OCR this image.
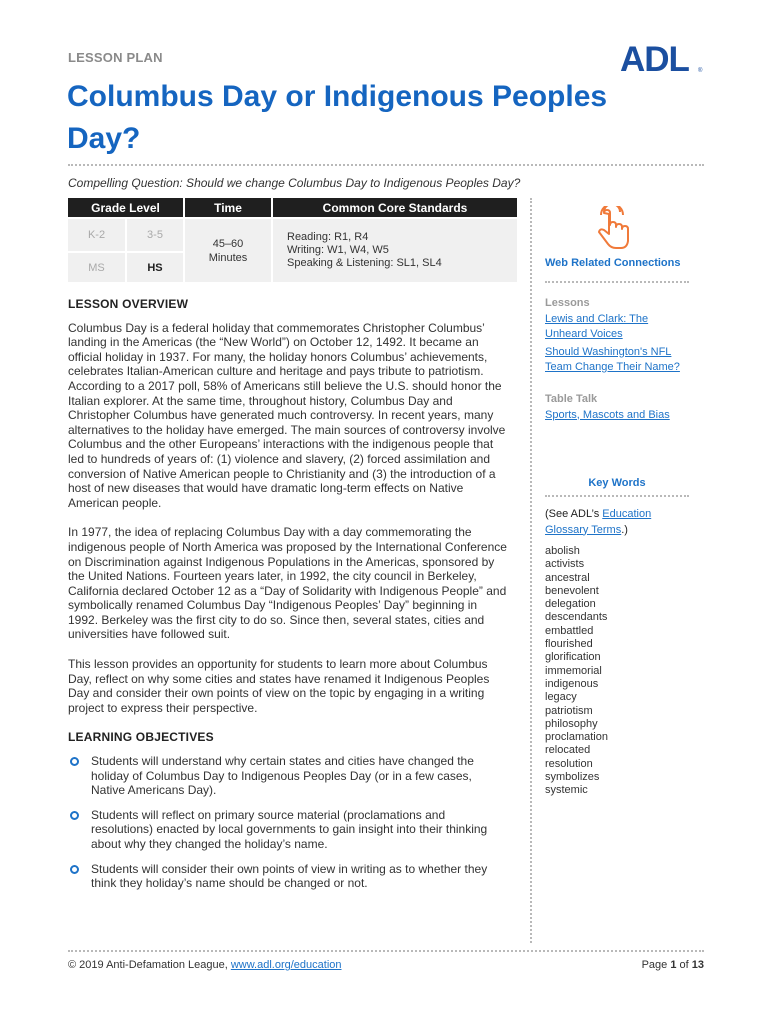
LESSON PLAN	ADL ®
Columbus Day or Indigenous Peoples Day?
Compelling Question: Should we change Columbus Day to Indigenous Peoples Day?
Grade Level		Time	Common Core Standards
K-2	3-5	45–60 Minutes	Reading: R1, R4
Writing: W1, W4, W5
Speaking & Listening: SL1, SL4

MS	HS		
LESSON OVERVIEW

Columbus Day is a federal holiday that commemorates Christopher Columbus’ landing in the Americas (the “New World”) on October 12, 1492. It became an official holiday in 1937. For many, the holiday honors Columbus’ achievements, celebrates Italian-American culture and heritage and pays tribute to patriotism. According to a 2017 poll, 58% of Americans still believe the U.S. should honor the Italian explorer. At the same time, throughout history, Columbus Day and Christopher Columbus have generated much controversy. In recent years, many alternatives to the holiday have emerged. The main sources of controversy involve Columbus and the other Europeans’ interactions with the indigenous people that led to hundreds of years of: (1) violence and slavery, (2) forced assimilation and conversion of Native American people to Christianity and (3) the introduction of a host of new diseases that would have dramatic long-term effects on Native American people.

In 1977, the idea of replacing Columbus Day with a day commemorating the indigenous people of North America was proposed by the International Conference on Discrimination against Indigenous Populations in the Americas, sponsored by the United Nations. Fourteen years later, in 1992, the city council in Berkeley, California declared October 12 as a “Day of Solidarity with Indigenous People” and symbolically renamed Columbus Day “Indigenous Peoples’ Day” beginning in 1992. Berkeley was the first city to do so. Since then, several states, cities and universities have followed suit.

This lesson provides an opportunity for students to learn more about Columbus Day, reflect on why some cities and states have renamed it Indigenous Peoples Day and consider their own points of view on the topic by engaging in a writing project to express their perspective.

LEARNING OBJECTIVES
Students will understand why certain states and cities have changed the holiday of Columbus Day to Indigenous Peoples Day (or in a few cases, Native Americans Day).
Students will reflect on primary source material (proclamations and resolutions) enacted by local governments to gain insight into their thinking about why they changed the holiday’s name.
Students will consider their own points of view in writing as to whether they think they holiday’s name should be changed or not.
Web Related Connections
Lessons
Lewis and Clark: The Unheard Voices
Should Washington's NFL Team Change Their Name?
Table Talk
Sports, Mascots and Bias
Key Words
(See ADL’s Education Glossary Terms.)
abolish
activists
ancestral
benevolent
delegation
descendants
embattled
flourished
glorification
immemorial
indigenous
legacy
patriotism
philosophy
proclamation
relocated
resolution
symbolizes
systemic
© 2019 Anti-Defamation League, www.adl.org/education	Page 1 of 13
